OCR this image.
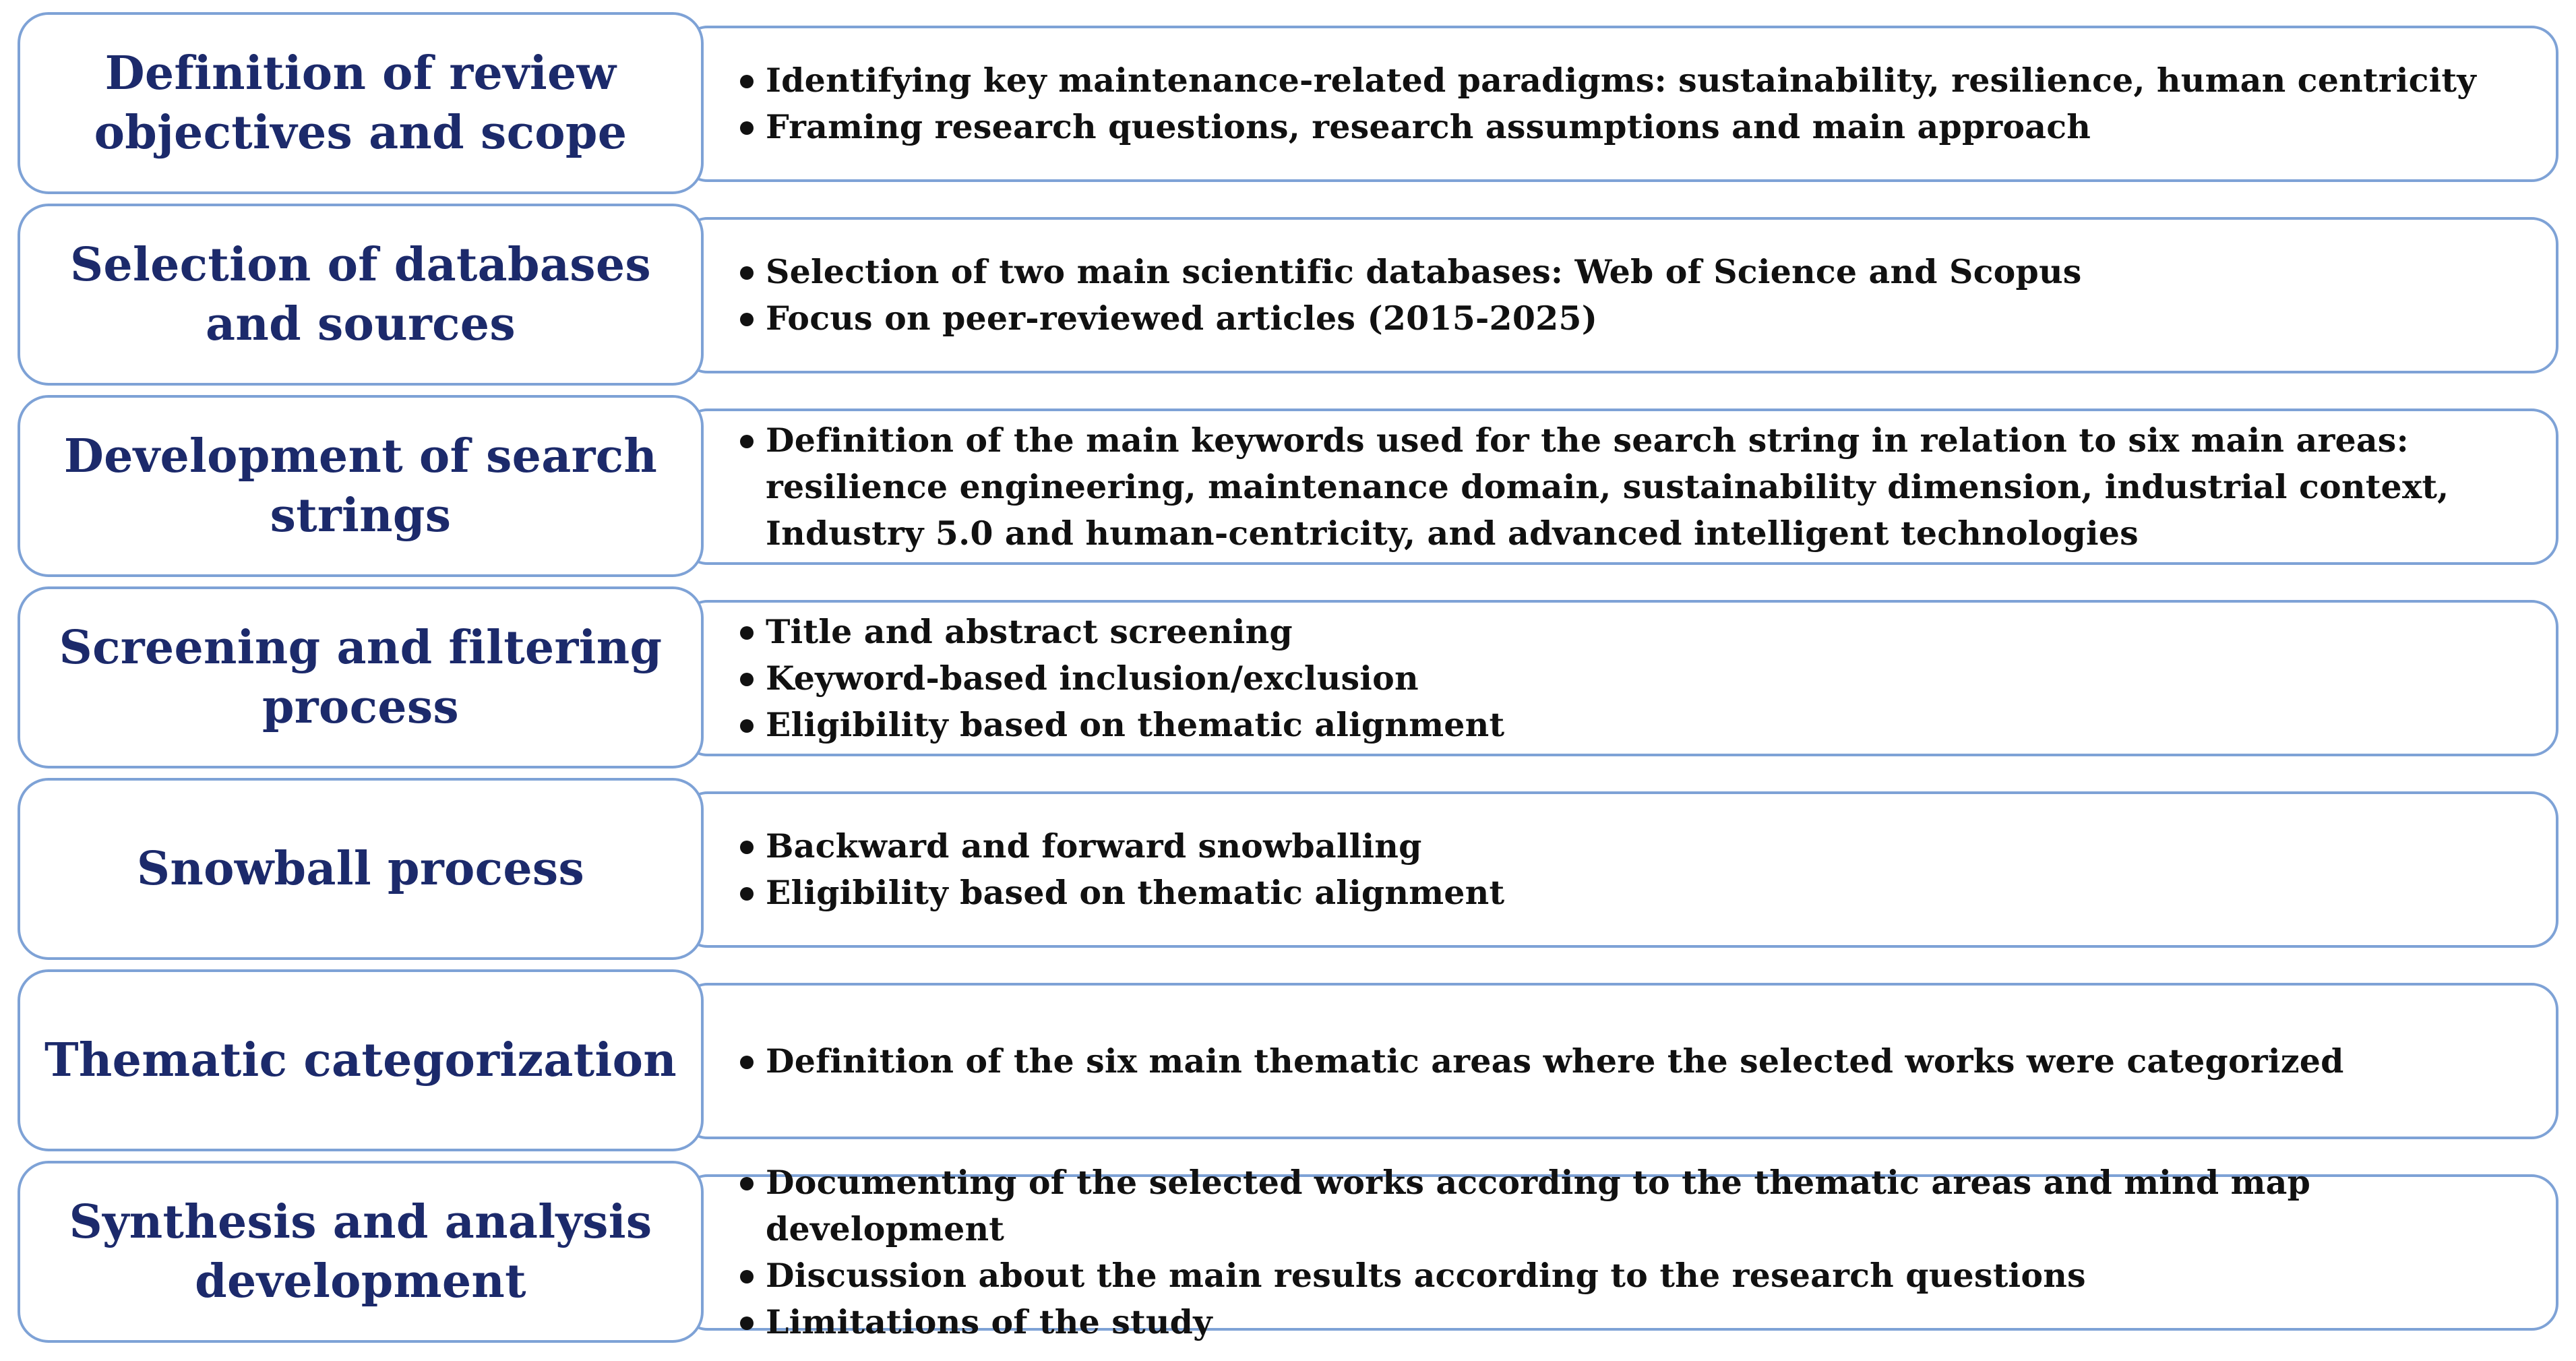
Definition of review objectives and scope
Identifying key maintenance-related paradigms: sustainability, resilience, human centricity
Framing research questions, research assumptions and main approach
Selection of databases and sources
Selection of two main scientific databases: Web of Science and Scopus
Focus on peer-reviewed articles (2015-2025)
Development of search strings
Definition of the main keywords used for the search string in relation to six main areas: resilience engineering, maintenance domain, sustainability dimension, industrial context, Industry 5.0 and human-centricity, and advanced intelligent technologies
Screening and filtering process
Title and abstract screening
Keyword-based inclusion/exclusion
Eligibility based on thematic alignment
Snowball process	Backward and forward snowballing
Eligibility based on thematic alignment
Thematic categorization	Definition of the six main thematic areas where the selected works were categorized
Synthesis and analysis development
Documenting of the selected works according to the thematic areas and mind map development
Discussion about the main results according to the research questions
Limitations of the study
